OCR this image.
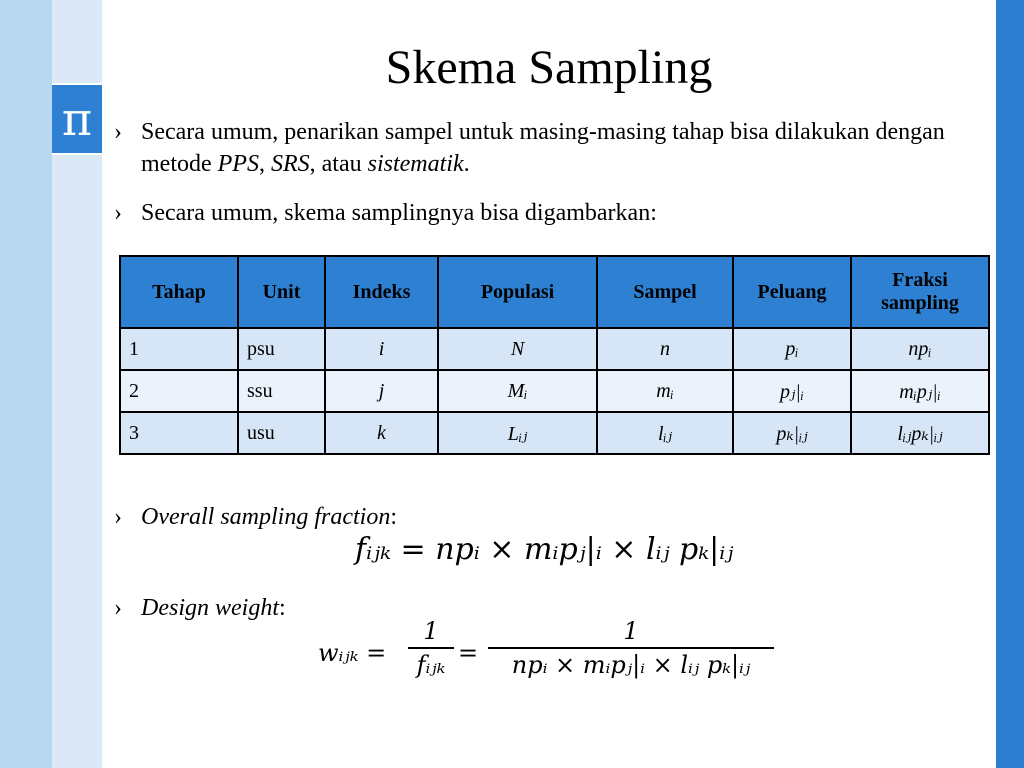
π
Skema Sampling
› Secara umum, penarikan sampel untuk masing-masing tahap bisa dilakukan dengan metode PPS, SRS, atau sistematik.
› Secara umum, skema samplingnya bisa digambarkan:
Tahap	Unit	Indeks	Populasi	Sampel	Peluang	Fraksi sampling
1	psu	i	N	n	pᵢ	npᵢ
2	ssu	j	Mᵢ	mᵢ	pⱼ|ᵢ	mᵢpⱼ|ᵢ
3	usu	k	Lᵢⱼ	lᵢⱼ	pₖ|ᵢⱼ	lᵢⱼpₖ|ᵢⱼ
› Overall sampling fraction:
fᵢⱼₖ = npᵢ × mᵢpⱼ|ᵢ × lᵢⱼ pₖ|ᵢⱼ
› Design weight:
wᵢⱼₖ =
1
fᵢⱼₖ =
1
npᵢ × mᵢpⱼ|ᵢ × lᵢⱼ pₖ|ᵢⱼ
